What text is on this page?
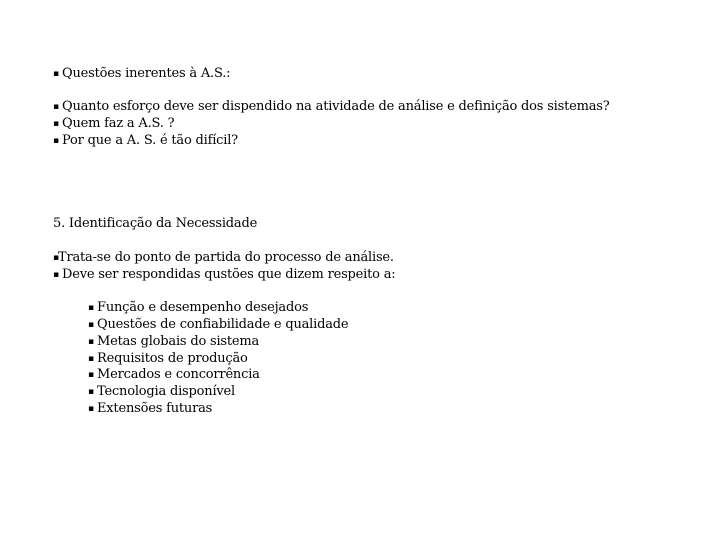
▪ Questões inerentes à A.S.:
▪ Quanto esforço deve ser dispendido na atividade de análise e definição dos sistemas?
▪ Quem faz a A.S. ?
▪ Por que a A. S. é tão difícil?
5. Identificação da Necessidade
▪Trata-se do ponto de partida do processo de análise.
▪ Deve ser respondidas qustões que dizem respeito a:
▪ Função e desempenho desejados
▪ Questões de confiabilidade e qualidade
▪ Metas globais do sistema
▪ Requisitos de produção
▪ Mercados e concorrência
▪ Tecnologia disponível
▪ Extensões futuras
